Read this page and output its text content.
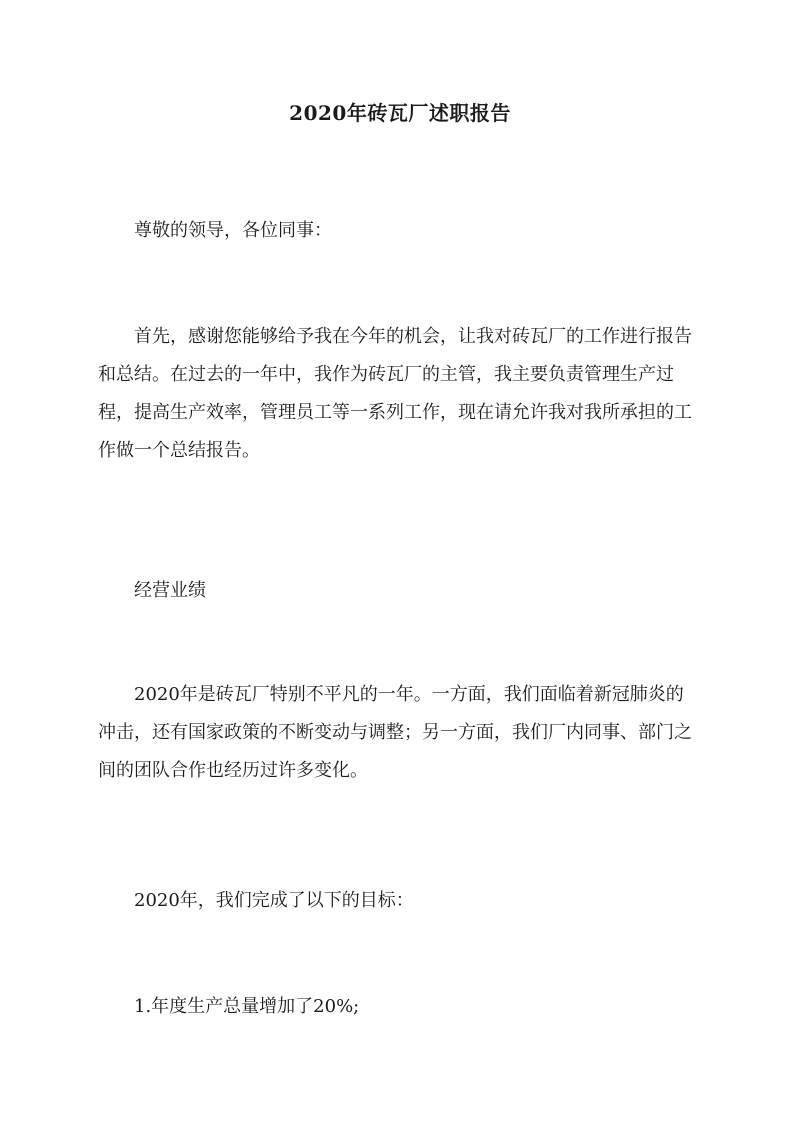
2020年砖瓦厂述职报告

尊敬的领导，各位同事：

首先，感谢您能够给予我在今年的机会，让我对砖瓦厂的工作进行报告和总结。在过去的一年中，我作为砖瓦厂的主管，我主要负责管理生产过程，提高生产效率，管理员工等一系列工作，现在请允许我对我所承担的工作做一个总结报告。

经营业绩

2020年是砖瓦厂特别不平凡的一年。一方面，我们面临着新冠肺炎的冲击，还有国家政策的不断变动与调整；另一方面，我们厂内同事、部门之间的团队合作也经历过许多变化。

2020年，我们完成了以下的目标：

1.年度生产总量增加了20%;
